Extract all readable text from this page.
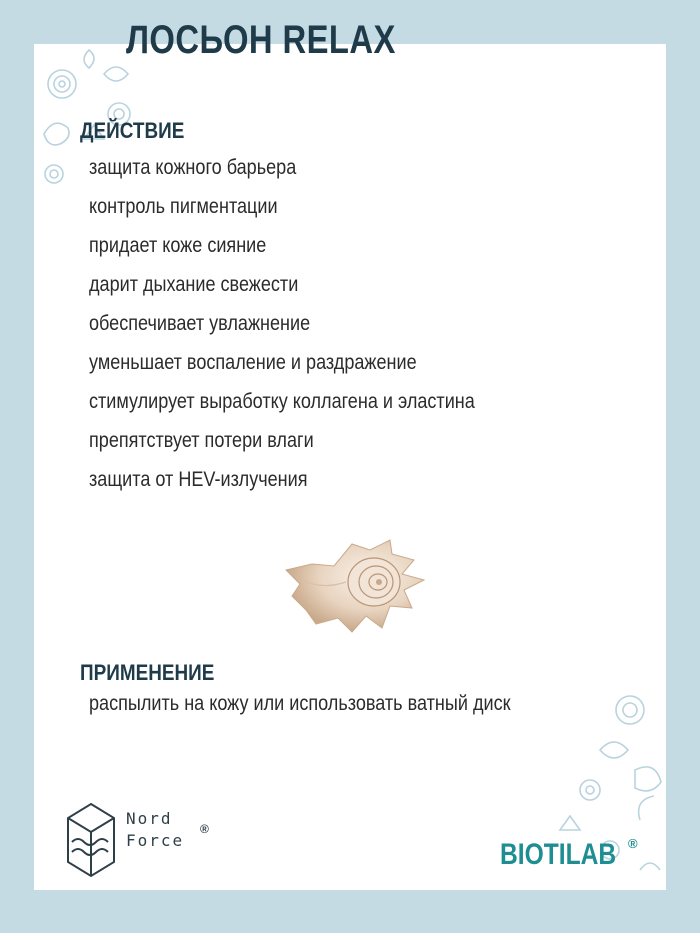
ЛОСЬОН RELAX
ДЕЙСТВИЕ
защита кожного барьера
контроль пигментации
придает коже сияние
дарит дыхание свежести
обеспечивает увлажнение
уменьшает воспаление и раздражение
стимулирует выработку коллагена и эластина
препятствует потери влаги
защита от HEV-излучения
ПРИМЕНЕНИЕ

распылить на кожу или использовать ватный диск

Nord
Force
®

BIOTILAB ®
